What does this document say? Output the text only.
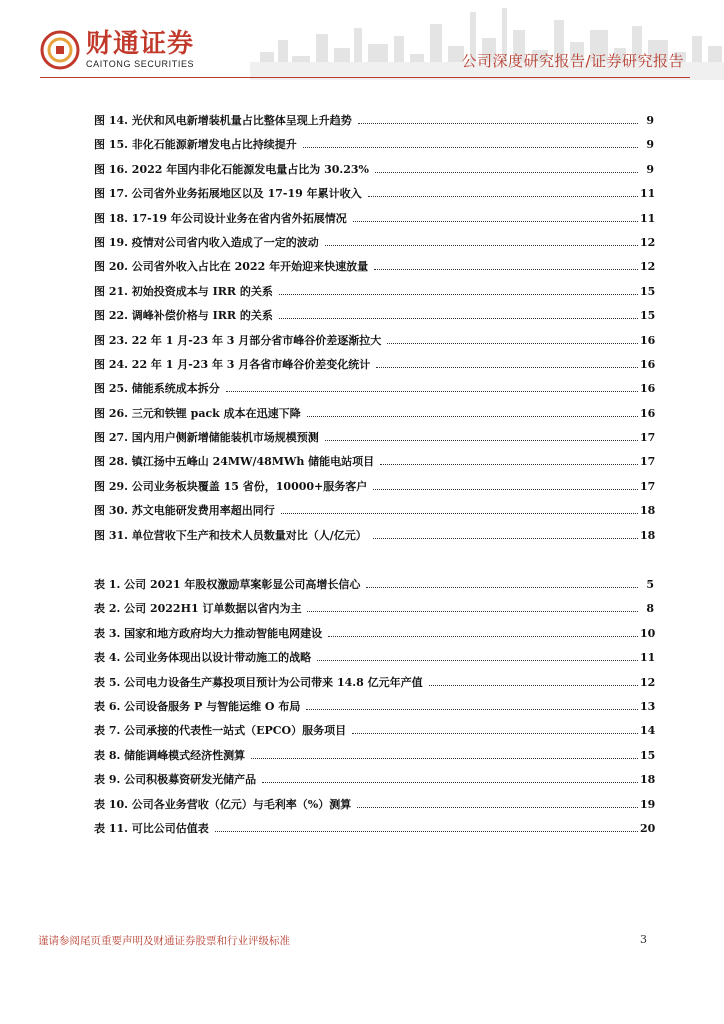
财通证券
CAITONG SECURITIES	公司深度研究报告/证券研究报告
图 14. 光伏和风电新增装机量占比整体呈现上升趋势	9
图 15. 非化石能源新增发电占比持续提升	9
图 16. 2022 年国内非化石能源发电量占比为 30.23%	9
图 17. 公司省外业务拓展地区以及 17-19 年累计收入	11
图 18. 17-19 年公司设计业务在省内省外拓展情况	11
图 19. 疫情对公司省内收入造成了一定的波动	12
图 20. 公司省外收入占比在 2022 年开始迎来快速放量	12
图 21. 初始投资成本与 IRR 的关系	15
图 22. 调峰补偿价格与 IRR 的关系	15
图 23. 22 年 1 月-23 年 3 月部分省市峰谷价差逐渐拉大	16
图 24. 22 年 1 月-23 年 3 月各省市峰谷价差变化统计	16
图 25. 储能系统成本拆分	16
图 26. 三元和铁锂 pack 成本在迅速下降	16
图 27. 国内用户侧新增储能装机市场规模预测	17
图 28. 镇江扬中五峰山 24MW/48MWh 储能电站项目	17
图 29. 公司业务板块覆盖 15 省份，10000+服务客户	17
图 30. 苏文电能研发费用率超出同行	18
图 31. 单位营收下生产和技术人员数量对比（人/亿元）	18
表 1. 公司 2021 年股权激励草案彰显公司高增长信心	5
表 2. 公司 2022H1 订单数据以省内为主	8
表 3. 国家和地方政府均大力推动智能电网建设	10
表 4. 公司业务体现出以设计带动施工的战略	11
表 5. 公司电力设备生产募投项目预计为公司带来 14.8 亿元年产值	12
表 6. 公司设备服务 P 与智能运维 O 布局	13
表 7. 公司承接的代表性一站式（EPCO）服务项目	14
表 8. 储能调峰模式经济性测算	15
表 9. 公司积极募资研发光储产品	18
表 10. 公司各业务营收（亿元）与毛利率（%）测算	19
表 11. 可比公司估值表	20
谨请参阅尾页重要声明及财通证券股票和行业评级标准	3
